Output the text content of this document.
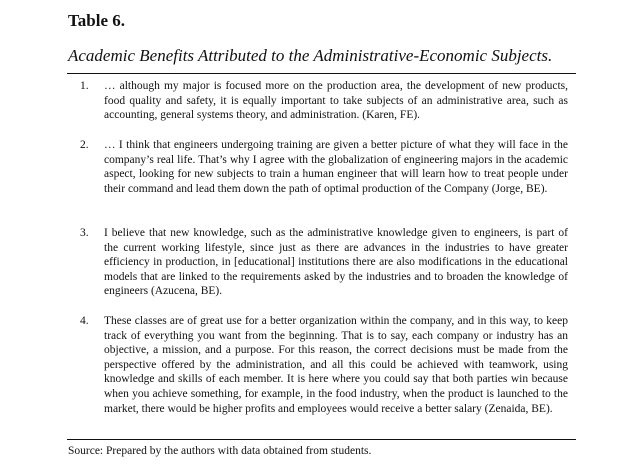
Table 6.
Academic Benefits Attributed to the Administrative-Economic Subjects.
1.	… although my major is focused more on the production area, the development of new products, food quality and safety, it is equally important to take subjects of an administrative area, such as accounting, general systems theory, and administration. (Karen, FE).
2.	… I think that engineers undergoing training are given a better picture of what they will face in the company’s real life. That’s why I agree with the globalization of engineering majors in the academic aspect, looking for new subjects to train a human engineer that will learn how to treat people under their command and lead them down the path of optimal production of the Company (Jorge, BE).
3.	I believe that new knowledge, such as the administrative knowledge given to engineers, is part of the current working lifestyle, since just as there are advances in the industries to have greater efficiency in production, in [educational] institutions there are also modifications in the educational models that are linked to the requirements asked by the industries and to broaden the knowledge of engineers (Azucena, BE).
4.	These classes are of great use for a better organization within the company, and in this way, to keep track of everything you want from the beginning. That is to say, each company or industry has an objective, a mission, and a purpose. For this reason, the correct decisions must be made from the perspective offered by the administration, and all this could be achieved with teamwork, using knowledge and skills of each member. It is here where you could say that both parties win because when you achieve something, for example, in the food industry, when the product is launched to the market, there would be higher profits and employees would receive a better salary (Zenaida, BE).
Source: Prepared by the authors with data obtained from students.
